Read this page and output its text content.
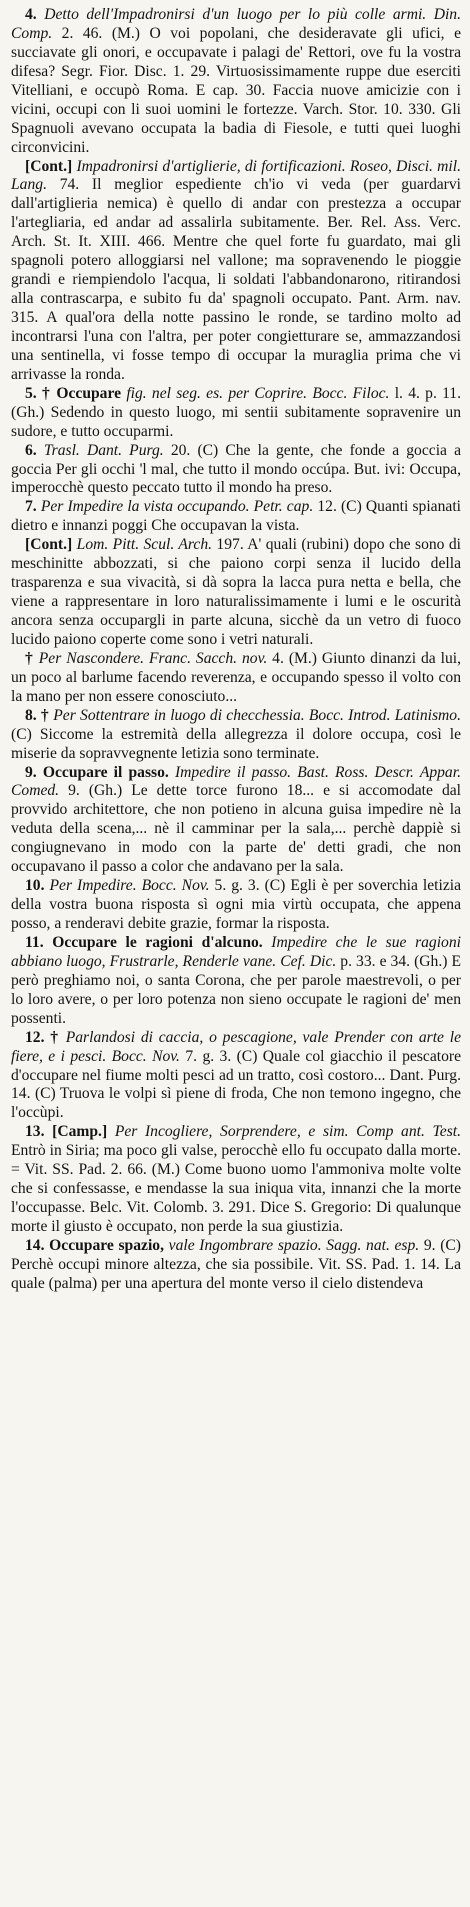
4. Detto dell'Impadronirsi d'un luogo per lo più colle armi. Din. Comp. 2. 46. (M.) O voi popolani, che desideravate gli ufici, e succiavate gli onori, e occupavate i palagi de' Rettori, ove fu la vostra difesa? Segr. Fior. Disc. 1. 29. Virtuosissimamente ruppe due eserciti Vitelliani, e occupò Roma. E cap. 30. Faccia nuove amicizie con i vicini, occupi con li suoi uomini le fortezze. Varch. Stor. 10. 330. Gli Spagnuoli avevano occupata la badia di Fiesole, e tutti quei luoghi circonvicini.

[Cont.] Impadronirsi d'artiglierie, di fortificazioni. Roseo, Disci. mil. Lang. 74. Il meglior espediente ch'io vi veda (per guardarvi dall'artiglieria nemica) è quello di andar con prestezza a occupar l'artegliaria, ed andar ad assalirla subitamente. Ber. Rel. Ass. Verc. Arch. St. It. XIII. 466. Mentre che quel forte fu guardato, mai gli spagnoli potero alloggiarsi nel vallone; ma sopravenendo le pioggie grandi e riempiendolo l'acqua, li soldati l'abbandonarono, ritirandosi alla contrascarpa, e subito fu da' spagnoli occupato. Pant. Arm. nav. 315. A qual'ora della notte passino le ronde, se tardino molto ad incontrarsi l'una con l'altra, per poter congietturare se, ammazzandosi una sentinella, vi fosse tempo di occupar la muraglia prima che vi arrivasse la ronda.

5. † Occupare fig. nel seg. es. per Coprire. Bocc. Filoc. l. 4. p. 11. (Gh.) Sedendo in questo luogo, mi sentii subitamente sopravenire un sudore, e tutto occuparmi.

6. Trasl. Dant. Purg. 20. (C) Che la gente, che fonde a goccia a goccia Per gli occhi 'l mal, che tutto il mondo occúpa. But. ivi: Occupa, imperocchè questo peccato tutto il mondo ha preso.

7. Per Impedire la vista occupando. Petr. cap. 12. (C) Quanti spianati dietro e innanzi poggi Che occupavan la vista.

[Cont.] Lom. Pitt. Scul. Arch. 197. A' quali (rubini) dopo che sono di meschinitte abbozzati, si che paiono corpi senza il lucido della trasparenza e sua vivacità, si dà sopra la lacca pura netta e bella, che viene a rappresentare in loro naturalissimamente i lumi e le oscurità ancora senza occupargli in parte alcuna, sicchè da un vetro di fuoco lucido paiono coperte come sono i vetri naturali.

† Per Nascondere. Franc. Sacch. nov. 4. (M.) Giunto dinanzi da lui, un poco al barlume facendo reverenza, e occupando spesso il volto con la mano per non essere conosciuto...

8. † Per Sottentrare in luogo di checchessia. Bocc. Introd. Latinismo. (C) Siccome la estremità della allegrezza il dolore occupa, così le miserie da sopravvegnente letizia sono terminate.

9. Occupare il passo. Impedire il passo. Bast. Ross. Descr. Appar. Comed. 9. (Gh.) Le dette torce furono 18... e si accomodate dal provvido architettore, che non potieno in alcuna guisa impedire nè la veduta della scena,... nè il camminar per la sala,... perchè dappiè si congiugnevano in modo con la parte de' detti gradi, che non occupavano il passo a color che andavano per la sala.

10. Per Impedire. Bocc. Nov. 5. g. 3. (C) Egli è per soverchia letizia della vostra buona risposta sì ogni mia virtù occupata, che appena posso, a renderavi debite grazie, formar la risposta.

11. Occupare le ragioni d'alcuno. Impedire che le sue ragioni abbiano luogo, Frustrarle, Renderle vane. Cef. Dic. p. 33. e 34. (Gh.) E però preghiamo noi, o santa Corona, che per parole maestrevoli, o per lo loro avere, o per loro potenza non sieno occupate le ragioni de' men possenti.

12. † Parlandosi di caccia, o pescagione, vale Prender con arte le fiere, e i pesci. Bocc. Nov. 7. g. 3. (C) Quale col giacchio il pescatore d'occupare nel fiume molti pesci ad un tratto, così costoro... Dant. Purg. 14. (C) Truova le volpi sì piene di froda, Che non temono ingegno, che l'occùpi.

13. [Camp.] Per Incogliere, Sorprendere, e sim. Comp ant. Test. Entrò in Siria; ma poco gli valse, perocchè ello fu occupato dalla morte. = Vit. SS. Pad. 2. 66. (M.) Come buono uomo l'ammoniva molte volte che si confessasse, e mendasse la sua iniqua vita, innanzi che la morte l'occupasse. Belc. Vit. Colomb. 3. 291. Dice S. Gregorio: Di qualunque morte il giusto è occupato, non perde la sua giustizia.

14. Occupare spazio, vale Ingombrare spazio. Sagg. nat. esp. 9. (C) Perchè occupi minore altezza, che sia possibile. Vit. SS. Pad. 1. 14. La quale (palma) per una apertura del monte verso il cielo distendeva
